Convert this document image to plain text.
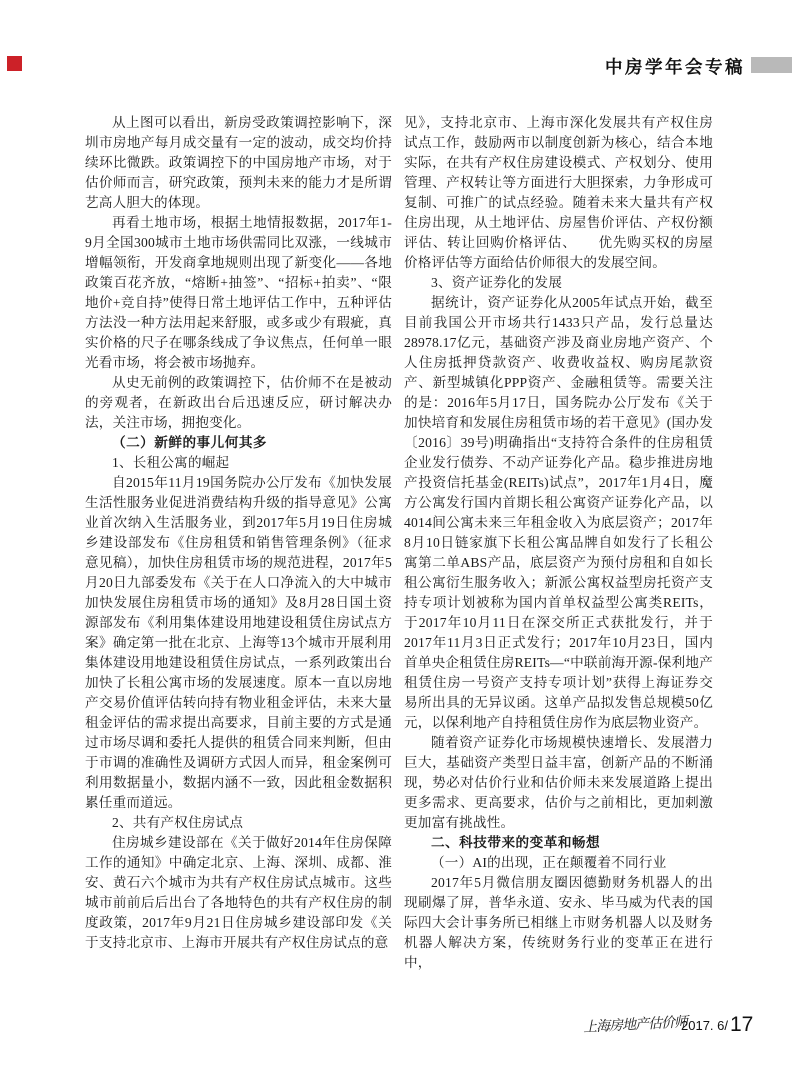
中房学年会专稿

从上图可以看出，新房受政策调控影响下，深圳市房地产每月成交量有一定的波动，成交均价持续环比微跌。政策调控下的中国房地产市场，对于估价师而言，研究政策，预判未来的能力才是所谓艺高人胆大的体现。

再看土地市场，根据土地情报数据，2017年1-9月全国300城市土地市场供需同比双涨，一线城市增幅领衔，开发商拿地规则出现了新变化——各地政策百花齐放，“熔断+抽签”、“招标+拍卖”、“限地价+竞自持”使得日常土地评估工作中，五种评估方法没一种方法用起来舒服，或多或少有瑕疵，真实价格的尺子在哪条线成了争议焦点，任何单一眼光看市场，将会被市场抛弃。

从史无前例的政策调控下，估价师不在是被动的旁观者，在新政出台后迅速反应，研讨解决办法，关注市场，拥抱变化。

（二）新鲜的事儿何其多

1、长租公寓的崛起

自2015年11月19国务院办公厅发布《加快发展生活性服务业促进消费结构升级的指导意见》公寓业首次纳入生活服务业，到2017年5月19日住房城乡建设部发布《住房租赁和销售管理条例》（征求意见稿），加快住房租赁市场的规范进程，2017年5月20日九部委发布《关于在人口净流入的大中城市加快发展住房租赁市场的通知》及8月28日国土资源部发布《利用集体建设用地建设租赁住房试点方案》确定第一批在北京、上海等13个城市开展利用集体建设用地建设租赁住房试点，一系列政策出台加快了长租公寓市场的发展速度。原本一直以房地产交易价值评估转向持有物业租金评估，未来大量租金评估的需求提出高要求，目前主要的方式是通过市场尽调和委托人提供的租赁合同来判断，但由于市调的准确性及调研方式因人而异，租金案例可利用数据量小，数据内涵不一致，因此租金数据积累任重而道远。

2、共有产权住房试点

住房城乡建设部在《关于做好2014年住房保障工作的通知》中确定北京、上海、深圳、成都、淮安、黄石六个城市为共有产权住房试点城市。这些城市前前后后出台了各地特色的共有产权住房的制度政策，2017年9月21日住房城乡建设部印发《关于支持北京市、上海市开展共有产权住房试点的意

见》，支持北京市、上海市深化发展共有产权住房试点工作，鼓励两市以制度创新为核心，结合本地实际，在共有产权住房建设模式、产权划分、使用管理、产权转让等方面进行大胆探索，力争形成可复制、可推广的试点经验。随着未来大量共有产权住房出现，从土地评估、房屋售价评估、产权份额评估、转让回购价格评估、　　优先购买权的房屋价格评估等方面给估价师很大的发展空间。

3、资产证券化的发展

据统计，资产证券化从2005年试点开始，截至目前我国公开市场共行1433只产品，发行总量达28978.17亿元，基础资产涉及商业房地产资产、个人住房抵押贷款资产、收费收益权、购房尾款资产、新型城镇化PPP资产、金融租赁等。需要关注的是：2016年5月17日，国务院办公厅发布《关于加快培育和发展住房租赁市场的若干意见》(国办发〔2016〕39号)明确指出“支持符合条件的住房租赁企业发行债券、不动产证券化产品。稳步推进房地产投资信托基金(REITs)试点”，2017年1月4日，魔方公寓发行国内首期长租公寓资产证券化产品，以4014间公寓未来三年租金收入为底层资产；2017年8月10日链家旗下长租公寓品牌自如发行了长租公寓第二单ABS产品，底层资产为预付房租和自如长租公寓衍生服务收入；新派公寓权益型房托资产支持专项计划被称为国内首单权益型公寓类REITs，于2017年10月11日在深交所正式获批发行，并于2017年11月3日正式发行；2017年10月23日，国内首单央企租赁住房REITs—“中联前海开源-保利地产租赁住房一号资产支持专项计划”获得上海证券交易所出具的无异议函。这单产品拟发售总规模50亿元，以保利地产自持租赁住房作为底层物业资产。

随着资产证券化市场规模快速增长、发展潜力巨大，基础资产类型日益丰富，创新产品的不断涌现，势必对估价行业和估价师未来发展道路上提出更多需求、更高要求，估价与之前相比，更加刺激更加富有挑战性。

二、科技带来的变革和畅想

（一）AI的出现，正在颠覆着不同行业

2017年5月微信朋友圈因德勤财务机器人的出现刷爆了屏，普华永道、安永、毕马威为代表的国际四大会计事务所已相继上市财务机器人以及财务机器人解决方案，传统财务行业的变革正在进行中，

上海房地产估价师
2017. 6/ 17
